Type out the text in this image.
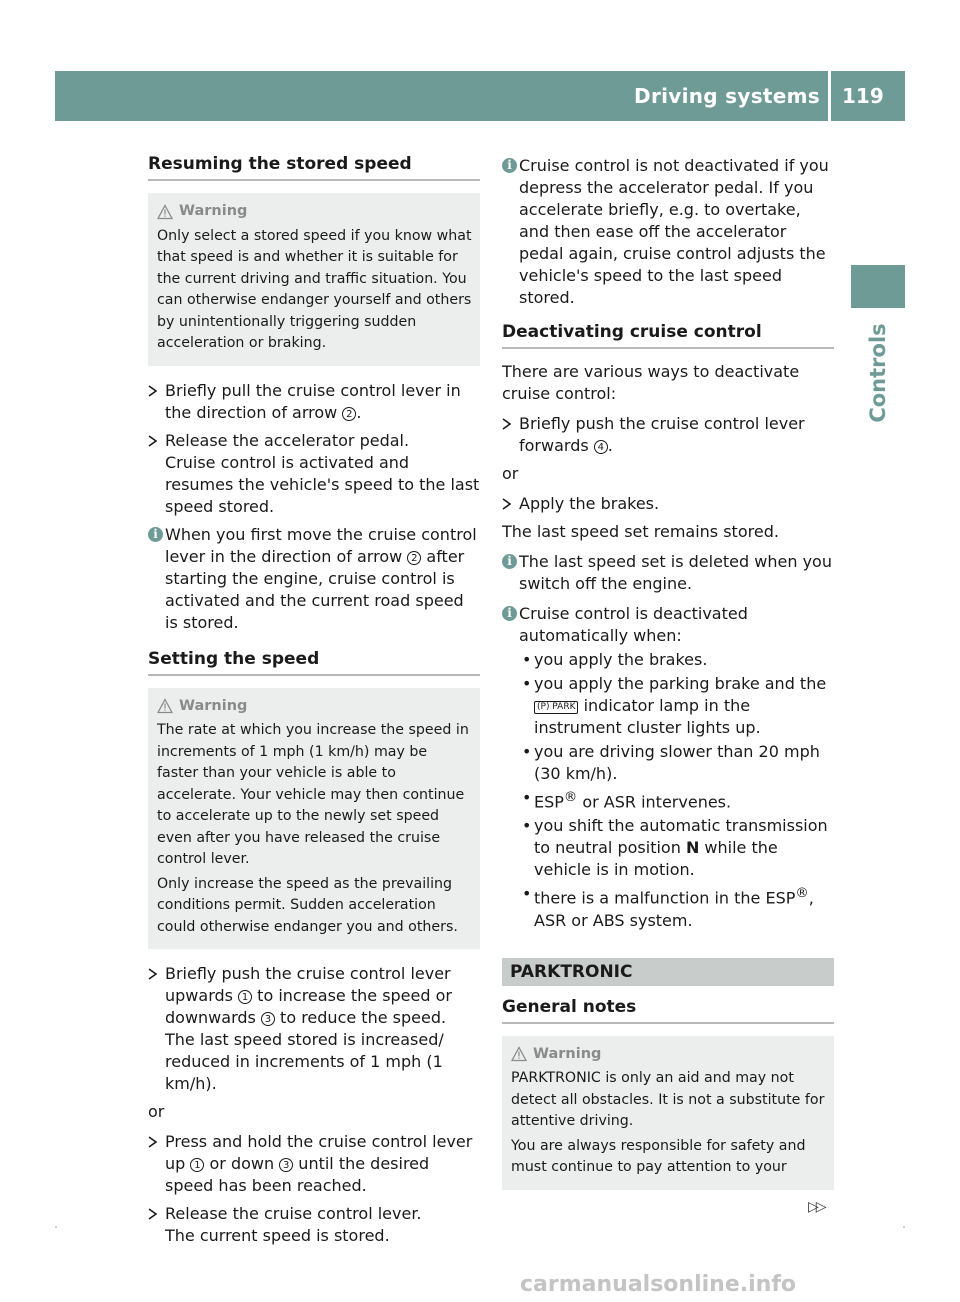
Driving systems 119
Controls
Resuming the stored speed
Warning

Only select a stored speed if you know what that speed is and whether it is suitable for the current driving and traffic situation. You can otherwise endanger yourself and others by unintentionally triggering sudden acceleration or braking.

Briefly pull the cruise control lever in the direction of arrow 2 .
Release the accelerator pedal.
Cruise control is activated and resumes the vehicle's speed to the last speed stored.
i When you first move the cruise control lever in the direction of arrow 2 after starting the engine, cruise control is activated and the current road speed is stored.
Setting the speed
Warning

The rate at which you increase the speed in increments of 1 mph (1 km/h) may be faster than your vehicle is able to accelerate. Your vehicle may then continue to accelerate up to the newly set speed even after you have released the cruise control lever.

Only increase the speed as the prevailing conditions permit. Sudden acceleration could otherwise endanger you and others.

Briefly push the cruise control lever upwards 1 to increase the speed or downwards 3 to reduce the speed.
The last speed stored is increased/ reduced in increments of 1 mph (1 km/h).
or
Press and hold the cruise control lever up 1 or down 3 until the desired speed has been reached.
Release the cruise control lever.
The current speed is stored.
i Cruise control is not deactivated if you depress the accelerator pedal. If you accelerate briefly, e.g. to overtake, and then ease off the accelerator pedal again, cruise control adjusts the vehicle's speed to the last speed stored.
Deactivating cruise control
There are various ways to deactivate cruise control:
Briefly push the cruise control lever forwards 4 .
or
Apply the brakes.
The last speed set remains stored.
i The last speed set is deleted when you switch off the engine.
i Cruise control is deactivated automatically when:
• you apply the brakes.
• you apply the parking brake and the (P) PARK indicator lamp in the instrument cluster lights up.
• you are driving slower than 20 mph (30 km/h).
• ESP® or ASR intervenes.
• you shift the automatic transmission to neutral position N while the vehicle is in motion.
• there is a malfunction in the ESP®, ASR or ABS system.
PARKTRONIC
General notes
Warning

PARKTRONIC is only an aid and may not detect all obstacles. It is not a substitute for attentive driving.

You are always responsible for safety and must continue to pay attention to your

▷▷
carmanualsonline.info
